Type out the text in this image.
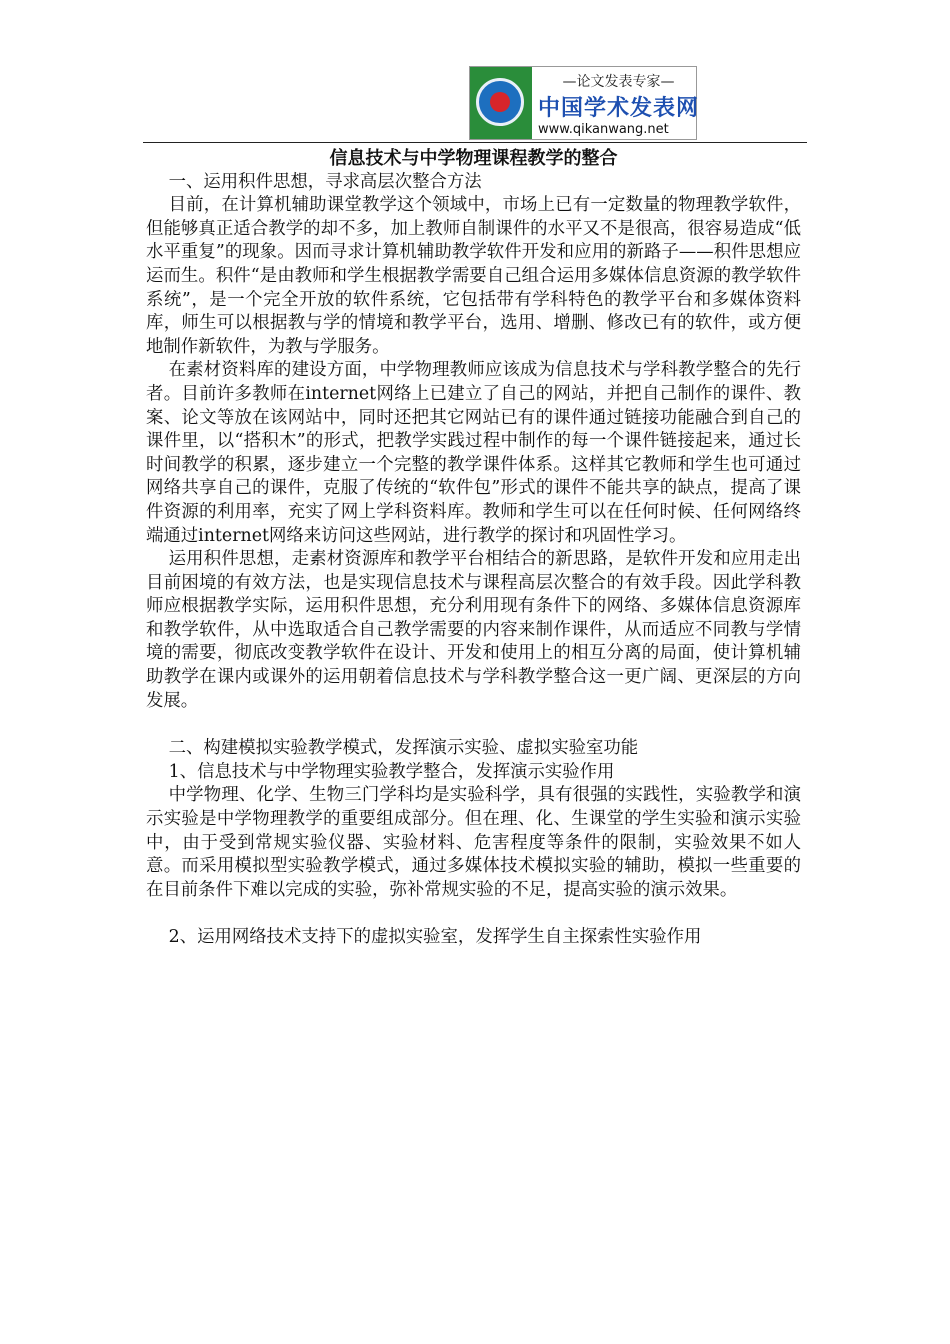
—论文发表专家—
中国学术发表网
www.qikanwang.net
信息技术与中学物理课程教学的整合
一、运用积件思想，寻求高层次整合方法

目前，在计算机辅助课堂教学这个领域中，市场上已有一定数量的物理教学软件，但能够真正适合教学的却不多，加上教师自制课件的水平又不是很高，很容易造成“低水平重复”的现象。因而寻求计算机辅助教学软件开发和应用的新路子——积件思想应运而生。积件“是由教师和学生根据教学需要自己组合运用多媒体信息资源的教学软件系统”，是一个完全开放的软件系统，它包括带有学科特色的教学平台和多媒体资料库，师生可以根据教与学的情境和教学平台，选用、增删、修改已有的软件，或方便地制作新软件，为教与学服务。

在素材资料库的建设方面，中学物理教师应该成为信息技术与学科教学整合的先行者。目前许多教师在internet网络上已建立了自己的网站，并把自己制作的课件、教案、论文等放在该网站中，同时还把其它网站已有的课件通过链接功能融合到自己的课件里，以“搭积木”的形式，把教学实践过程中制作的每一个课件链接起来，通过长时间教学的积累，逐步建立一个完整的教学课件体系。这样其它教师和学生也可通过网络共享自己的课件，克服了传统的“软件包”形式的课件不能共享的缺点，提高了课件资源的利用率，充实了网上学科资料库。教师和学生可以在任何时候、任何网络终端通过internet网络来访问这些网站，进行教学的探讨和巩固性学习。

运用积件思想，走素材资源库和教学平台相结合的新思路，是软件开发和应用走出目前困境的有效方法，也是实现信息技术与课程高层次整合的有效手段。因此学科教师应根据教学实际，运用积件思想，充分利用现有条件下的网络、多媒体信息资源库和教学软件，从中选取适合自己教学需要的内容来制作课件，从而适应不同教与学情境的需要，彻底改变教学软件在设计、开发和使用上的相互分离的局面，使计算机辅助教学在课内或课外的运用朝着信息技术与学科教学整合这一更广阔、更深层的方向发展。

二、构建模拟实验教学模式，发挥演示实验、虚拟实验室功能
1、信息技术与中学物理实验教学整合，发挥演示实验作用

中学物理、化学、生物三门学科均是实验科学，具有很强的实践性，实验教学和演示实验是中学物理教学的重要组成部分。但在理、化、生课堂的学生实验和演示实验中，由于受到常规实验仪器、实验材料、危害程度等条件的限制，实验效果不如人意。而采用模拟型实验教学模式，通过多媒体技术模拟实验的辅助，模拟一些重要的在目前条件下难以完成的实验，弥补常规实验的不足，提高实验的演示效果。

2、运用网络技术支持下的虚拟实验室，发挥学生自主探索性实验作用
